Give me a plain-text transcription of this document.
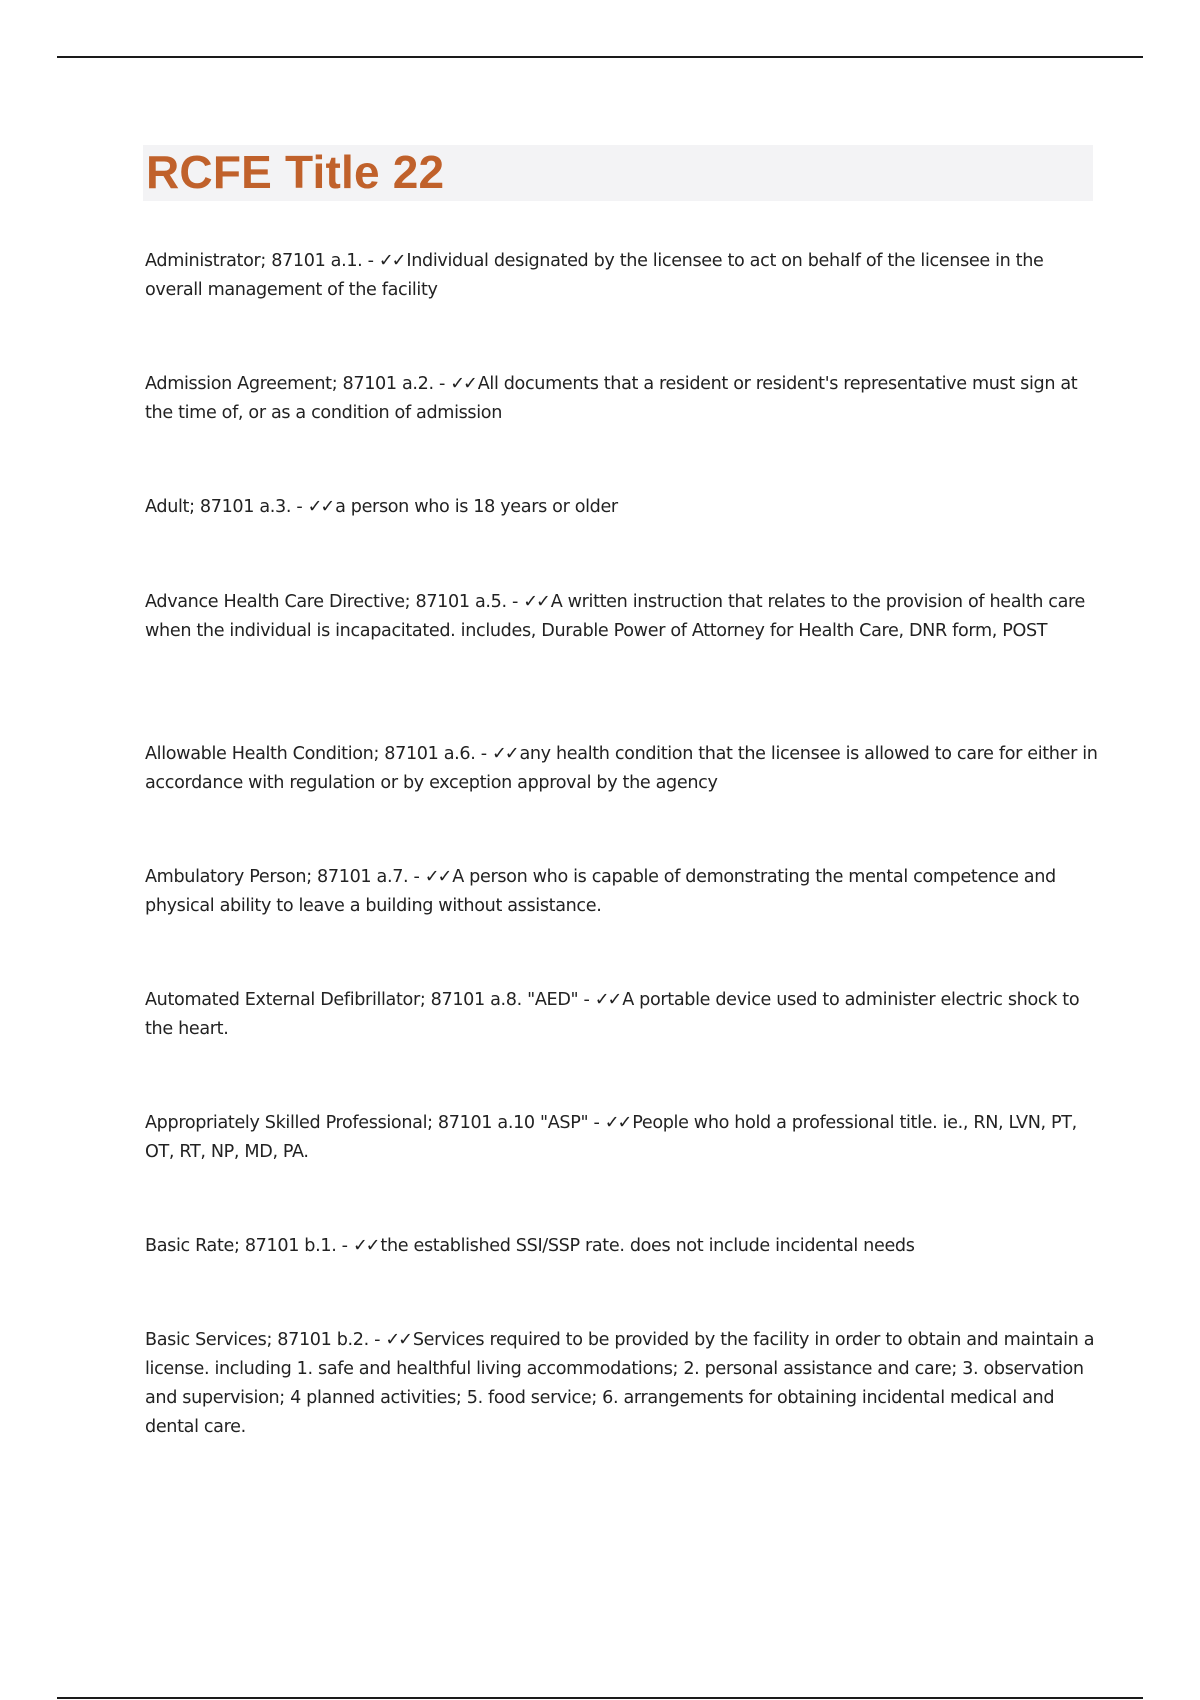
RCFE Title 22

Administrator; 87101 a.1. - ✓✓ Individual designated by the licensee to act on behalf of the licensee in the overall management of the facility

Admission Agreement; 87101 a.2. - ✓✓ All documents that a resident or resident's representative must sign at the time of, or as a condition of admission

Adult; 87101 a.3. - ✓✓ a person who is 18 years or older

Advance Health Care Directive; 87101 a.5. - ✓✓ A written instruction that relates to the provision of health care when the individual is incapacitated. includes, Durable Power of Attorney for Health Care, DNR form, POST

Allowable Health Condition; 87101 a.6. - ✓✓ any health condition that the licensee is allowed to care for either in accordance with regulation or by exception approval by the agency

Ambulatory Person; 87101 a.7. - ✓✓ A person who is capable of demonstrating the mental competence and physical ability to leave a building without assistance.

Automated External Defibrillator; 87101 a.8. "AED" - ✓✓ A portable device used to administer electric shock to the heart.

Appropriately Skilled Professional; 87101 a.10 "ASP" - ✓✓ People who hold a professional title. ie., RN, LVN, PT, OT, RT, NP, MD, PA.

Basic Rate; 87101 b.1. - ✓✓ the established SSI/SSP rate. does not include incidental needs

Basic Services; 87101 b.2. - ✓✓ Services required to be provided by the facility in order to obtain and maintain a license. including 1. safe and healthful living accommodations; 2. personal assistance and care; 3. observation and supervision; 4 planned activities; 5. food service; 6. arrangements for obtaining incidental medical and dental care.
